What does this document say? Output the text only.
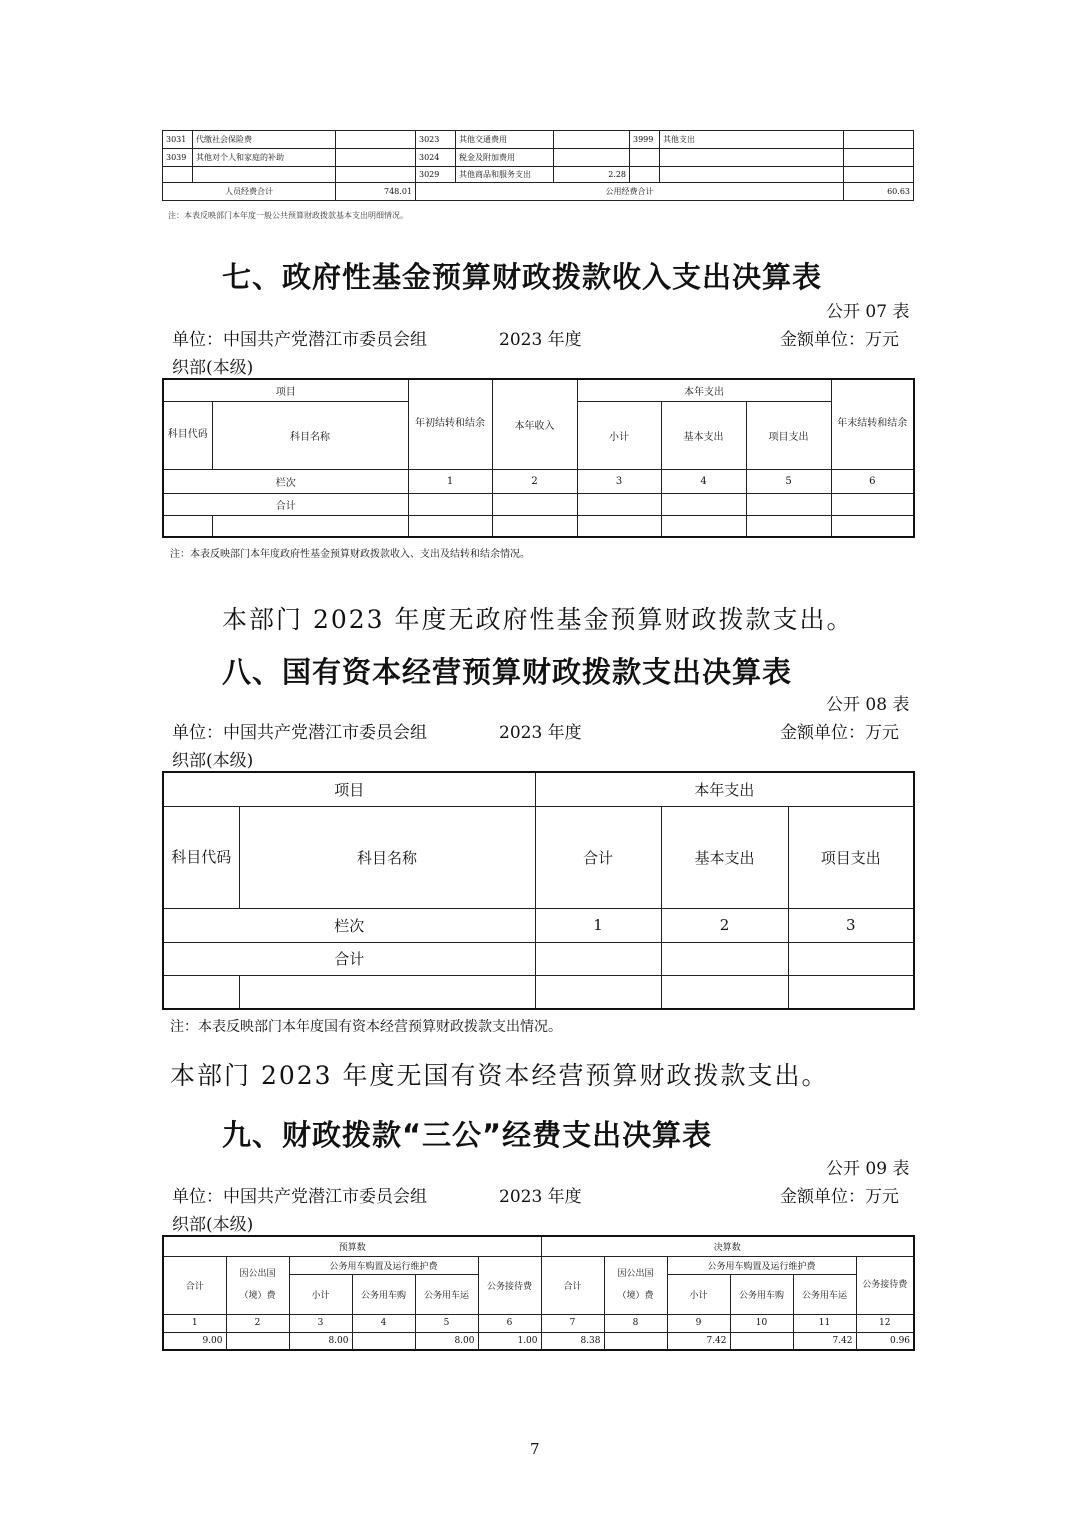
3031	代缴社会保险费		3023	其他交通费用		3999	其他支出	
3039	其他对个人和家庭的补助		3024	税金及附加费用				
			3029	其他商品和服务支出	2.28			
人员经费合计		748.01	公用经费合计					60.63
注：本表反映部门本年度一般公共预算财政拨款基本支出明细情况。
七、政府性基金预算财政拨款收入支出决算表
公开 07 表
单位：中国共产党潜江市委员会组	2023 年度	金额单位：万元
织部(本级)
项目		年初结转和结余	本年收入	本年支出			年末结转和结余
科目代码	科目名称			小计	基本支出	项目支出	
栏次		1	2	3	4	5	6
合计							

注：本表反映部门本年度政府性基金预算财政拨款收入、支出及结转和结余情况。
本部门 2023 年度无政府性基金预算财政拨款支出。
八、国有资本经营预算财政拨款支出决算表
公开 08 表
单位：中国共产党潜江市委员会组	2023 年度	金额单位：万元
织部(本级)
项目		本年支出		
科目代码	科目名称	合计	基本支出	项目支出
栏次		1	2	3
合计				

注：本表反映部门本年度国有资本经营预算财政拨款支出情况。
本部门 2023 年度无国有资本经营预算财政拨款支出。
九、财政拨款“三公”经费支出决算表
公开 09 表
单位：中国共产党潜江市委员会组	2023 年度	金额单位：万元
织部(本级)
预算数						决算数					
合计	因公出国（境）费	公务用车购置及运行维护费			公务接待费	合计	因公出国（境）费	公务用车购置及运行维护费			公务接待费
		小计	公务用车购	公务用车运				小计	公务用车购	公务用车运	
1	2	3	4	5	6	7	8	9	10	11	12
9.00		8.00		8.00	1.00	8.38		7.42		7.42	0.96
7
